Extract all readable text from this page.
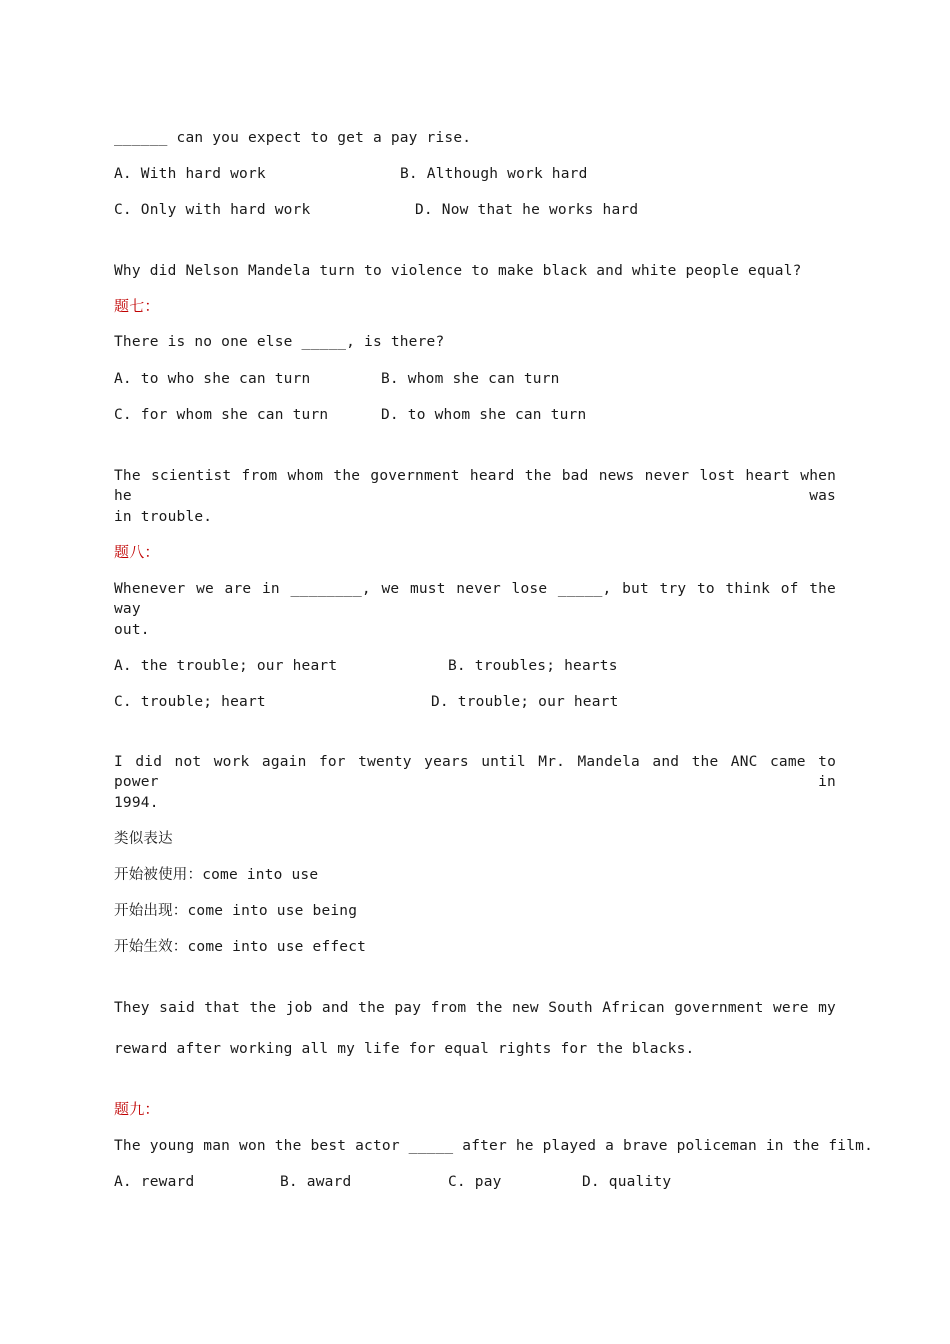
______ can you expect to get a pay rise.
A. With hard work	B. Although work hard
C. Only with hard work	D. Now that he works hard
Why did Nelson Mandela turn to violence to make black and white people equal?
题七：
There is no one else _____, is there?
A. to who she can turn	B. whom she can turn
C. for whom she can turn	D. to whom she can turn
The scientist from whom the government heard the bad news never lost heart when he was
in trouble.
题八：
Whenever we are in ________, we must never lose _____, but try to think of the way
out.
A. the trouble; our heart	B. troubles; hearts
C. trouble; heart	D. trouble; our heart
I did not work again for twenty years until Mr. Mandela and the ANC came to power in
1994.
类似表达
开始被使用：come into use
开始出现：come into use being
开始生效：come into use effect
They said that the job and the pay from the new South African government were my
reward after working all my life for equal rights for the blacks.
题九：
The young man won the best actor _____ after he played a brave policeman in the film.
A. reward	B. award	C. pay	D. quality
